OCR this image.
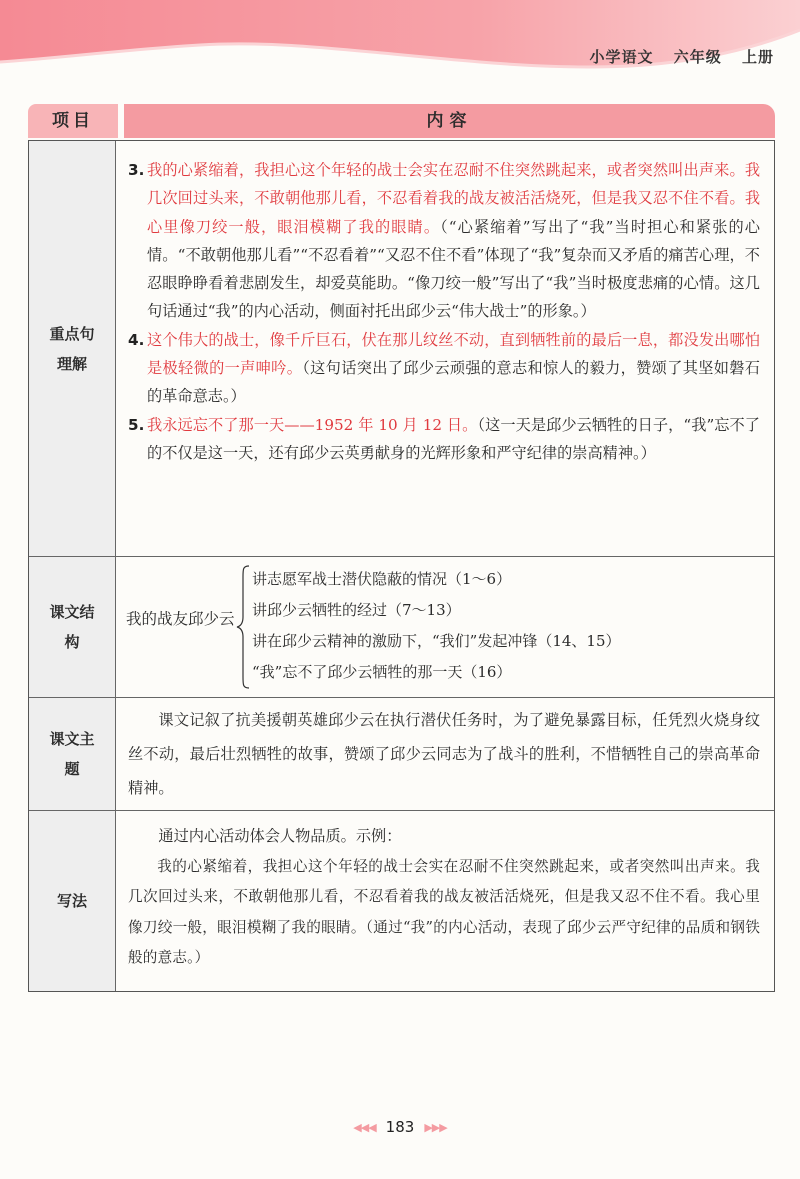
小学语文 六年级 上册
项目	内容
重点句理解

3. 我的心紧缩着，我担心这个年轻的战士会实在忍耐不住突然跳起来，或者突然叫出声来。我几次回过头来，不敢朝他那儿看，不忍看着我的战友被活活烧死，但是我又忍不住不看。我心里像刀绞一般，眼泪模糊了我的眼睛。（“心紧缩着”写出了“我”当时担心和紧张的心情。“不敢朝他那儿看”“不忍看着”“又忍不住不看”体现了“我”复杂而又矛盾的痛苦心理，不忍眼睁睁看着悲剧发生，却爱莫能助。“像刀绞一般”写出了“我”当时极度悲痛的心情。这几句话通过“我”的内心活动，侧面衬托出邱少云“伟大战士”的形象。）

4. 这个伟大的战士，像千斤巨石，伏在那儿纹丝不动，直到牺牲前的最后一息，都没发出哪怕是极轻微的一声呻吟。（这句话突出了邱少云顽强的意志和惊人的毅力，赞颂了其坚如磐石的革命意志。）

5. 我永远忘不了那一天——1952 年 10 月 12 日。（这一天是邱少云牺牲的日子，“我”忘不了的不仅是这一天，还有邱少云英勇献身的光辉形象和严守纪律的崇高精神。）

课文结构
我的战友邱少云
讲志愿军战士潜伏隐蔽的情况（1～6）
讲邱少云牺牲的经过（7～13）
讲在邱少云精神的激励下，“我们”发起冲锋（14、15）
“我”忘不了邱少云牺牲的那一天（16）
课文主题

课文记叙了抗美援朝英雄邱少云在执行潜伏任务时，为了避免暴露目标，任凭烈火烧身纹丝不动，最后壮烈牺牲的故事，赞颂了邱少云同志为了战斗的胜利，不惜牺牲自己的崇高革命精神。

写法

通过内心活动体会人物品质。示例：

我的心紧缩着，我担心这个年轻的战士会实在忍耐不住突然跳起来，或者突然叫出声来。我几次回过头来，不敢朝他那儿看，不忍看着我的战友被活活烧死，但是我又忍不住不看。我心里像刀绞一般，眼泪模糊了我的眼睛。（通过“我”的内心活动，表现了邱少云严守纪律的品质和钢铁般的意志。）

◀◀◀ 183 ▶▶▶
